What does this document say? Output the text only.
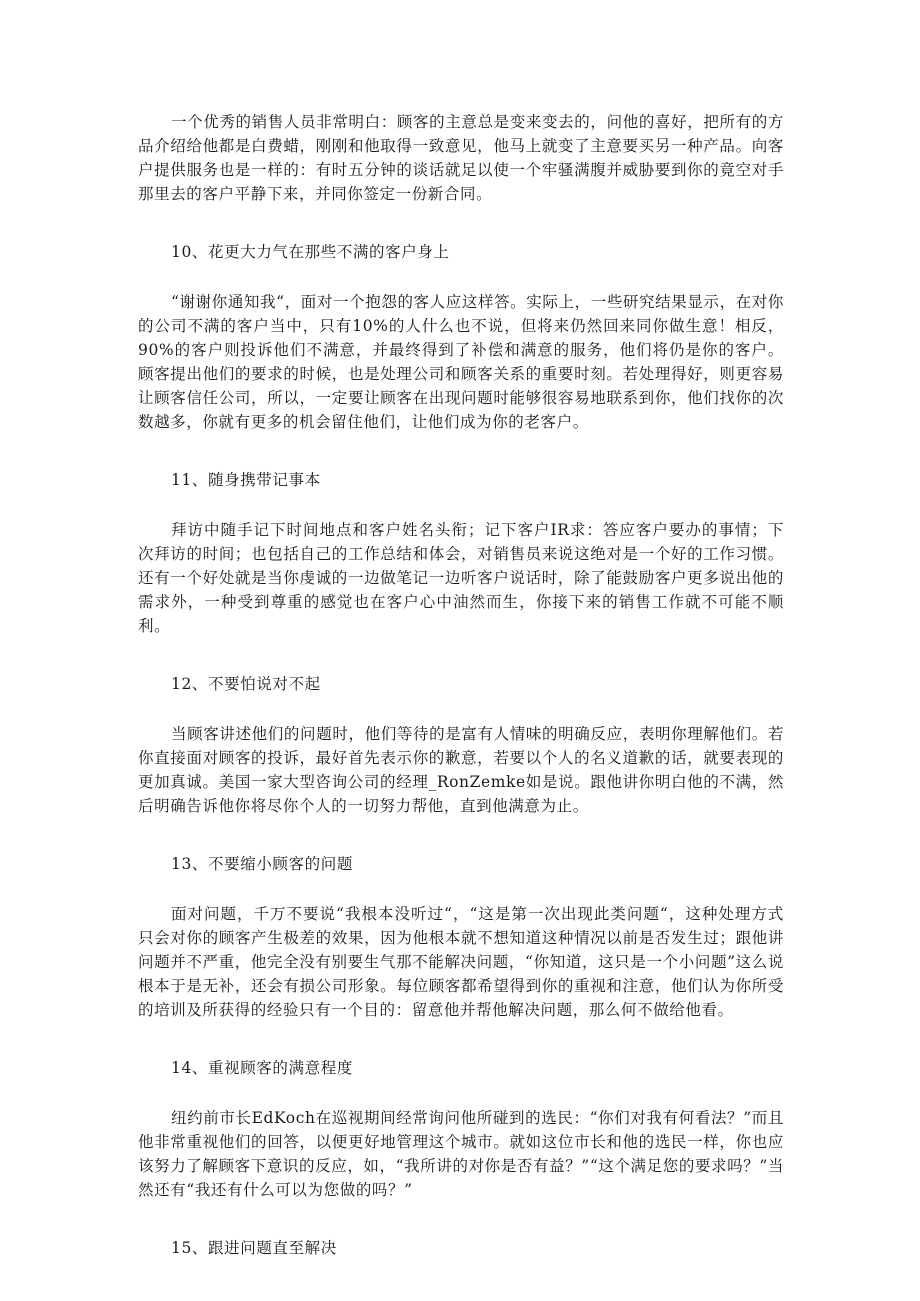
一个优秀的销售人员非常明白：顾客的主意总是变来变去的，问他的喜好，把所有的方品介绍给他都是白费蜡，刚刚和他取得一致意见，他马上就变了主意要买另一种产品。向客户提供服务也是一样的：有时五分钟的谈话就足以使一个牢骚满腹并威胁要到你的竟空对手那里去的客户平静下来，并同你签定一份新合同。

10、花更大力气在那些不满的客户身上

“谢谢你通知我“，面对一个抱怨的客人应这样答。实际上，一些研究结果显示，在对你的公司不满的客户当中，只有10%的人什么也不说，但将来仍然回来同你做生意！相反，90%的客户则投诉他们不满意，并最终得到了补偿和满意的服务，他们将仍是你的客户。顾客提出他们的要求的时候，也是处理公司和顾客关系的重要时刻。若处理得好，则更容易让顾客信任公司，所以，一定要让顾客在出现问题时能够很容易地联系到你，他们找你的次数越多，你就有更多的机会留住他们，让他们成为你的老客户。

11、随身携带记事本

拜访中随手记下时间地点和客户姓名头衔；记下客户IR求：答应客户要办的事情；下次拜访的时间；也包括自己的工作总结和体会，对销售员来说这绝对是一个好的工作习惯。还有一个好处就是当你虔诚的一边做笔记一边听客户说话时，除了能鼓励客户更多说出他的需求外，一种受到尊重的感觉也在客户心中油然而生，你接下来的销售工作就不可能不顺利。

12、不要怕说对不起

当顾客讲述他们的问题时，他们等待的是富有人情味的明确反应，表明你理解他们。若你直接面对顾客的投诉，最好首先表示你的歉意，若要以个人的名义道歉的话，就要表现的更加真诚。美国一家大型咨询公司的经理_RonZemke如是说。跟他讲你明白他的不满，然后明确告诉他你将尽你个人的一切努力帮他，直到他满意为止。

13、不要缩小顾客的问题

面对问题，千万不要说“我根本没听过“，“这是第一次出现此类问题“，这种处理方式只会对你的顾客产生极差的效果，因为他根本就不想知道这种情况以前是否发生过；跟他讲问题并不严重，他完全没有别要生气那不能解决问题，“你知道，这只是一个小问题”这么说根本于是无补，还会有损公司形象。每位顾客都希望得到你的重视和注意，他们认为你所受的培训及所获得的经验只有一个目的：留意他并帮他解决问题，那么何不做给他看。

14、重视顾客的满意程度

纽约前市长EdKoch在巡视期间经常询问他所碰到的选民：“你们对我有何看法？”而且他非常重视他们的回答，以便更好地管理这个城市。就如这位市长和他的选民一样，你也应该努力了解顾客下意识的反应，如，“我所讲的对你是否有益？”“这个满足您的要求吗？”当然还有“我还有什么可以为您做的吗？”

15、跟进问题直至解决
